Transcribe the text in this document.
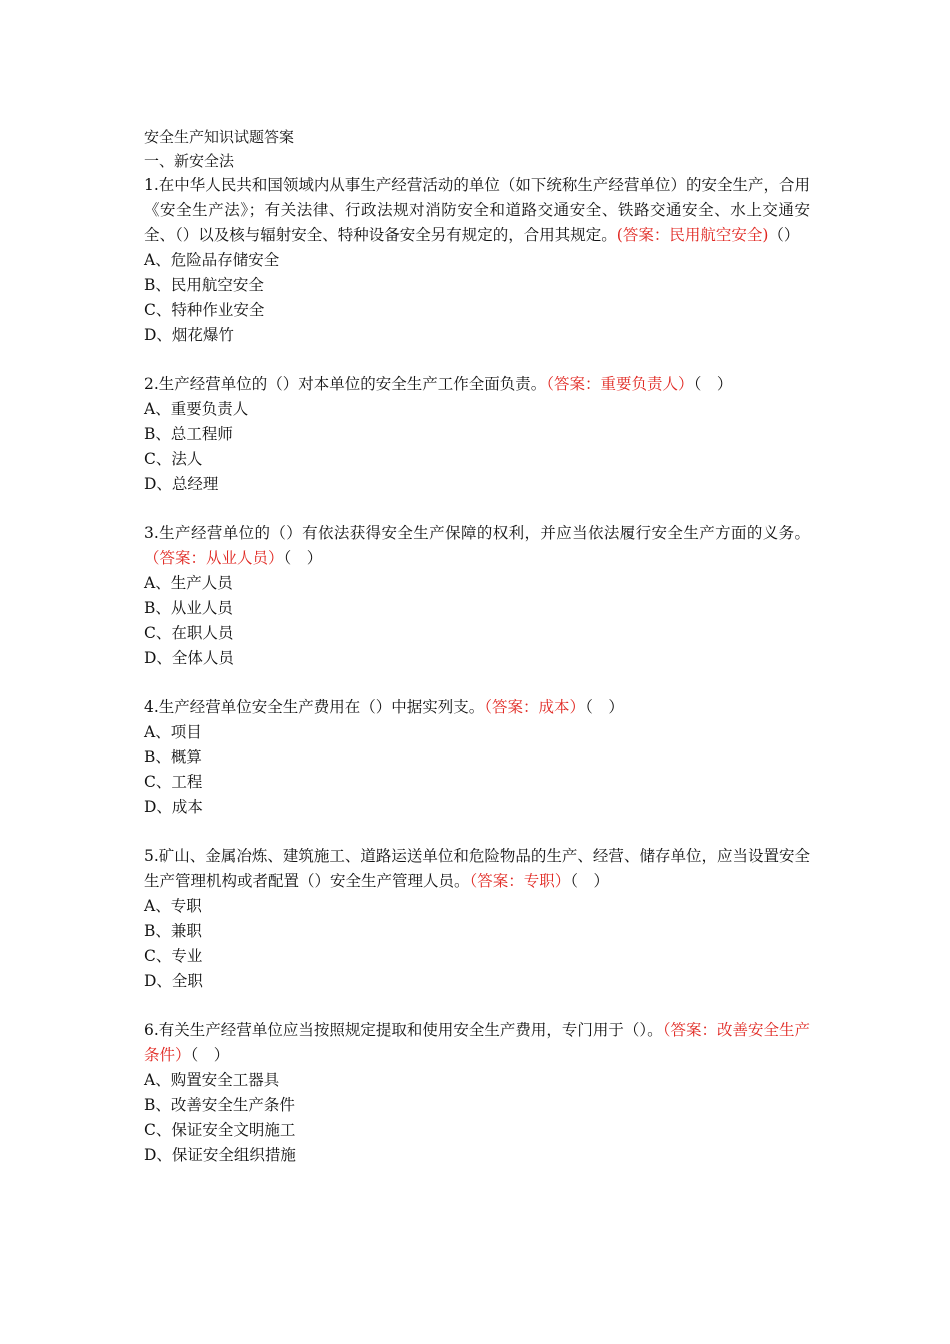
安全生产知识试题答案
一、新安全法

1.在中华人民共和国领域内从事生产经营活动的单位（如下统称生产经营单位）的安全生产，合用《安全生产法》；有关法律、行政法规对消防安全和道路交通安全、铁路交通安全、水上交通安全、（）以及核与辐射安全、特种设备安全另有规定的，合用其规定。(答案：民用航空安全)（）

A、危险品存储安全

B、民用航空安全

C、特种作业安全

D、烟花爆竹

2.生产经营单位的（）对本单位的安全生产工作全面负责。（答案：重要负责人）（　）

A、重要负责人

B、总工程师

C、法人

D、总经理

3.生产经营单位的（）有依法获得安全生产保障的权利，并应当依法履行安全生产方面的义务。（答案：从业人员）（　）

A、生产人员

B、从业人员

C、在职人员

D、全体人员

4.生产经营单位安全生产费用在（）中据实列支。（答案：成本）（　）

A、项目

B、概算

C、工程

D、成本

5.矿山、金属冶炼、建筑施工、道路运送单位和危险物品的生产、经营、储存单位，应当设置安全生产管理机构或者配置（）安全生产管理人员。（答案：专职）（　）

A、专职

B、兼职

C、专业

D、全职

6.有关生产经营单位应当按照规定提取和使用安全生产费用，专门用于（）。（答案：改善安全生产条件）（　）

A、购置安全工器具

B、改善安全生产条件

C、保证安全文明施工

D、保证安全组织措施
